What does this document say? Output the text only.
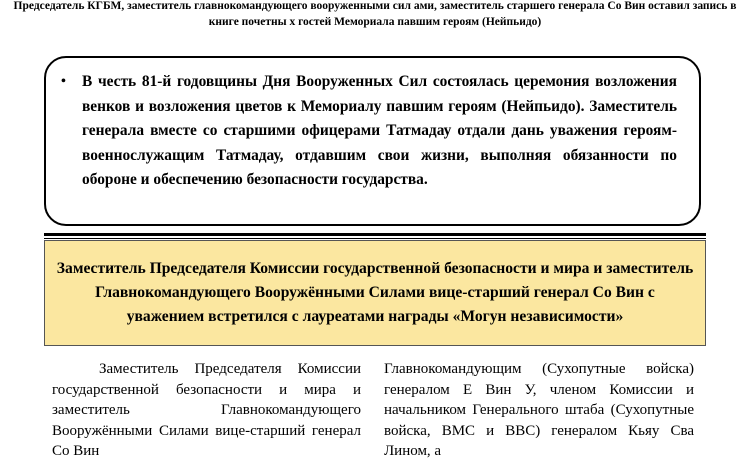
Председатель КГБМ, заместитель главнокомандующего вооруженными сил ами, заместитель старшего генерала Со Вин оставил запись в книге почетны х гостей Мемориала павшим героям (Нейпьидо)
• В честь 81-й годовщины Дня Вооруженных Сил состоялась церемония возложения венков и возложения цветов к Мемориалу павшим героям (Нейпьидо). Заместитель генерала вместе со старшими офицерами Татмадау отдали дань уважения героям-военнослужащим Татмадау, отдавшим свои жизни, выполняя обязанности по обороне и обеспечению безопасности государства.

Заместитель Председателя Комиссии государственной безопасности и мира и заместитель Главнокомандующего Вооружёнными Силами вице-старший генерал Со Вин с уважением встретился с лауреатами награды «Могун независимости»

Заместитель Председателя Комиссии государственной безопасности и мира и заместитель Главнокомандующего Вооружёнными Силами вице-старший генерал Со Вин
Главнокомандующим (Сухопутные войска) генералом Е Вин У, членом Комиссии и начальником Генерального штаба (Сухопутные войска, ВМС и ВВС) генералом Кьяу Сва Лином, а
